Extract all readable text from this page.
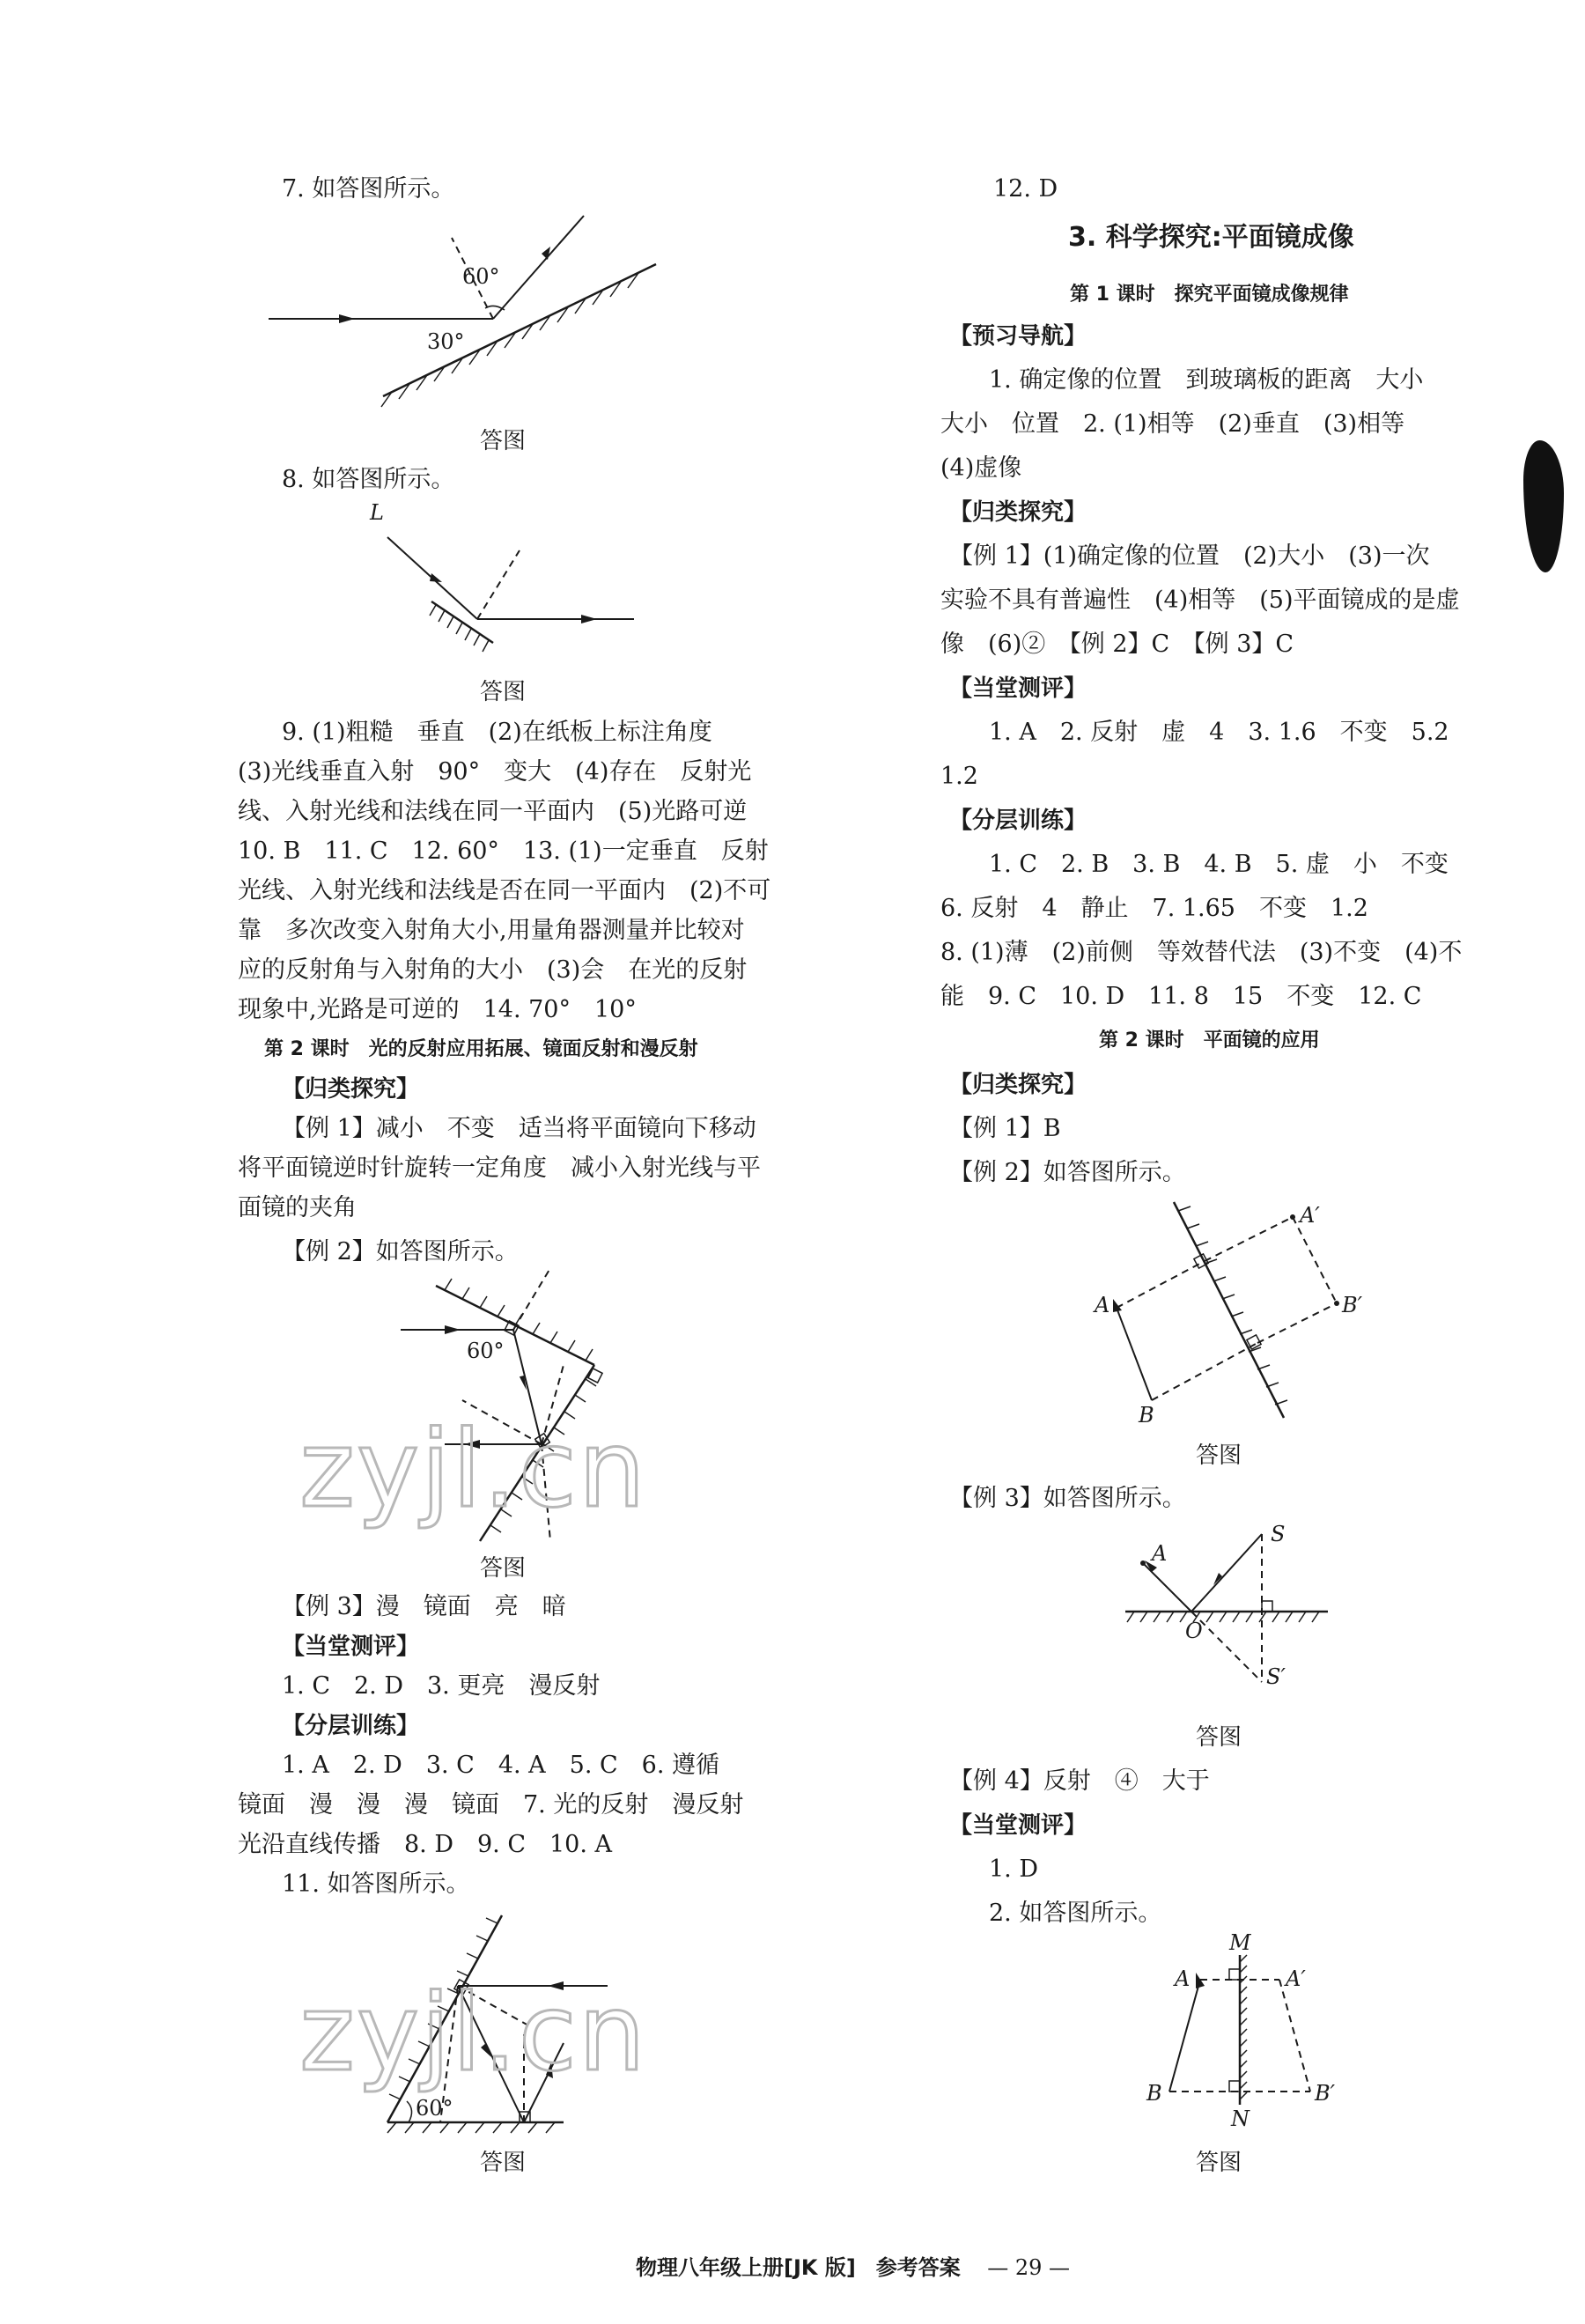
7. 如答图所示。
60°
30°
答图
8. 如答图所示。
L
答图
9. (1)粗糙　垂直　(2)在纸板上标注角度
(3)光线垂直入射　90°　变大　(4)存在　反射光
线、入射光线和法线在同一平面内　(5)光路可逆
10. B　11. C　12. 60°　13. (1)一定垂直　反射
光线、入射光线和法线是否在同一平面内　(2)不可
靠　多次改变入射角大小,用量角器测量并比较对
应的反射角与入射角的大小　(3)会　在光的反射
现象中,光路是可逆的　14. 70°　10°
第 2 课时　光的反射应用拓展、镜面反射和漫反射
【归类探究】
【例 1】减小　不变　适当将平面镜向下移动
将平面镜逆时针旋转一定角度　减小入射光线与平
面镜的夹角
【例 2】如答图所示。
60°
zyjl.cn
答图
【例 3】漫　镜面　亮　暗
【当堂测评】
1. C　2. D　3. 更亮　漫反射
【分层训练】
1. A　2. D　3. C　4. A　5. C　6. 遵循
镜面　漫　漫　漫　镜面　7. 光的反射　漫反射
光沿直线传播　8. D　9. C　10. A
11. 如答图所示。
60°
zyjl.cn
答图
12. D
3. 科学探究:平面镜成像
第 1 课时　探究平面镜成像规律
【预习导航】
1. 确定像的位置　到玻璃板的距离　大小
大小　位置　2. (1)相等　(2)垂直　(3)相等
(4)虚像
【归类探究】
【例 1】(1)确定像的位置　(2)大小　(3)一次
实验不具有普遍性　(4)相等　(5)平面镜成的是虚
像　(6)②　【例 2】C　【例 3】C
【当堂测评】
1. A　2. 反射　虚　4　3. 1.6　不变　5.2
1.2
【分层训练】
1. C　2. B　3. B　4. B　5. 虚　小　不变
6. 反射　4　静止　7. 1.65　不变　1.2
8. (1)薄　(2)前侧　等效替代法　(3)不变　(4)不
能　9. C　10. D　11. 8　15　不变　12. C
第 2 课时　平面镜的应用
【归类探究】
【例 1】B
【例 2】如答图所示。
A
A′
B
B′
答图
【例 3】如答图所示。
A
S
O
S′
答图
【例 4】反射　④　大于
【当堂测评】
1. D
2. 如答图所示。
M
N
A	A′
B	B′
答图
物理八年级上册[JK 版] 参考答案 — 29 —
